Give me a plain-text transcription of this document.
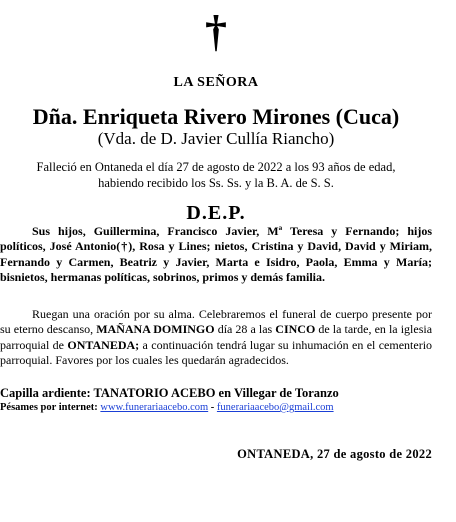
†
LA SEÑORA
Dña. Enriqueta Rivero Mirones (Cuca)
(Vda. de D. Javier Cullía Riancho)
Falleció en Ontaneda el día 27 de agosto de 2022 a los 93 años de edad,
habiendo recibido los Ss. Ss. y la B. A. de S. S.
D.E.P.

Sus hijos, Guillermina, Francisco Javier, Mª Teresa y Fernando; hijos políticos, José Antonio(†), Rosa y Lines; nietos, Cristina y David, David y Miriam, Fernando y Carmen, Beatriz y Javier, Marta e Isidro, Paola, Emma y María; bisnietos, hermanas políticas, sobrinos, primos y demás familia.

Ruegan una oración por su alma. Celebraremos el funeral de cuerpo presente por su eterno descanso, MAÑANA DOMINGO día 28 a las CINCO de la tarde, en la iglesia parroquial de ONTANEDA; a continuación tendrá lugar su inhumación en el cementerio parroquial. Favores por los cuales les quedarán agradecidos.

Capilla ardiente: TANATORIO ACEBO en Villegar de Toranzo
Pésames por internet: www.funerariaacebo.com - funerariaacebo@gmail.com
ONTANEDA, 27 de agosto de 2022
